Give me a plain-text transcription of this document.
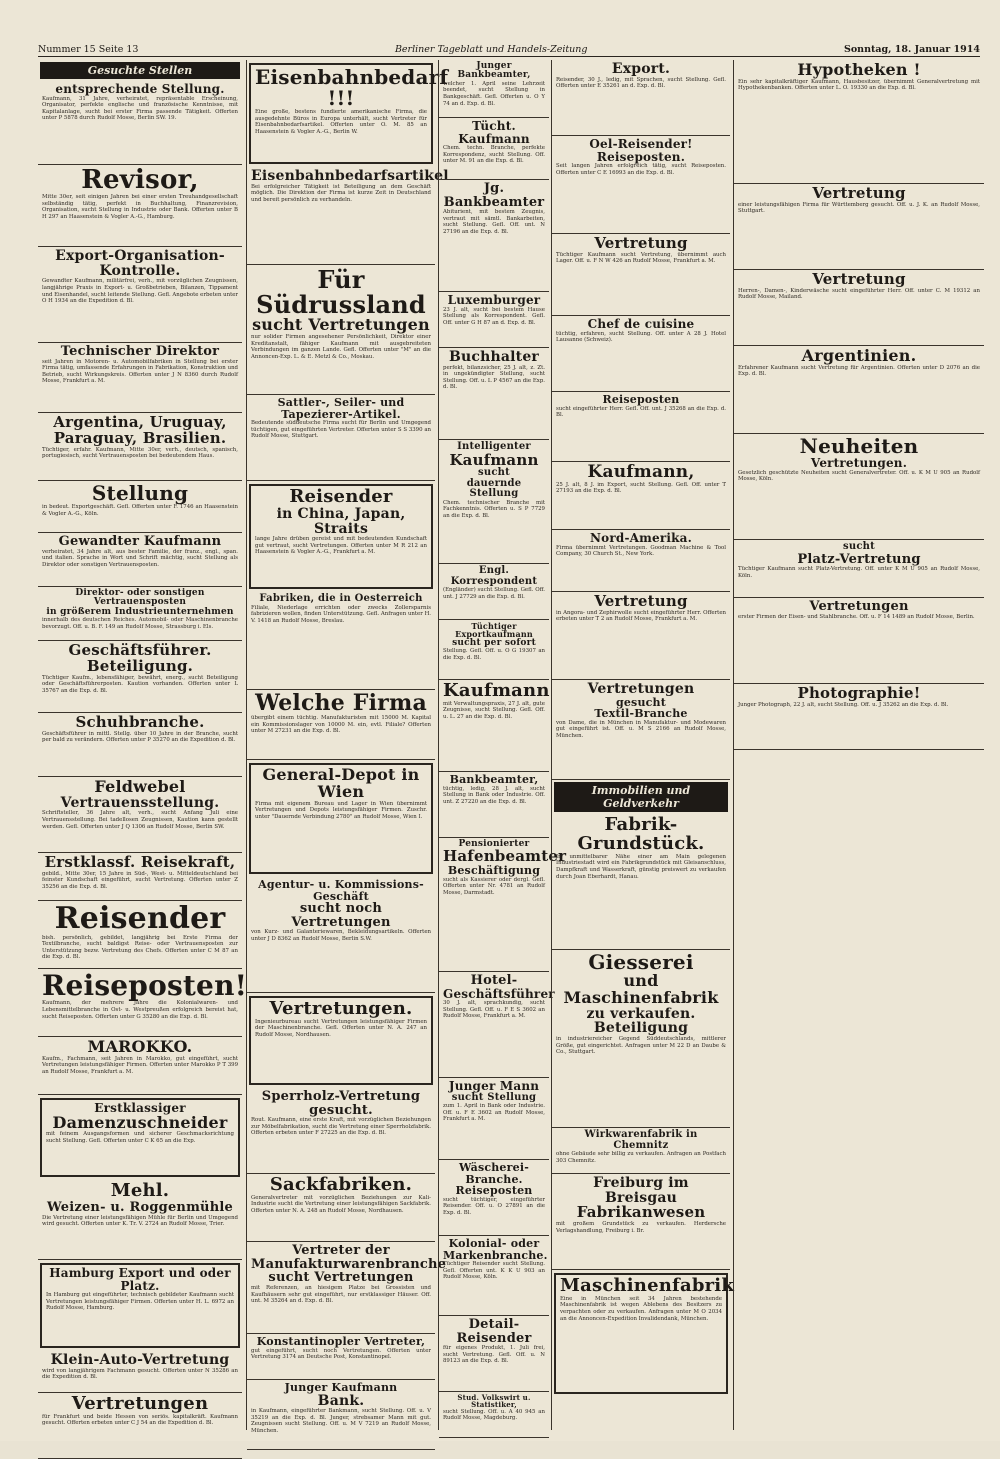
Nummer 15 Seite 13	Berliner Tageblatt und Handels-Zeitung	Sonntag, 18. Januar 1914
Gesuchte Stellen
entsprechende Stellung.
Kaufmann, 31 Jahre, verheiratet, repräsentable Erscheinung, Organisator, perfekte englische und französische Kenntnisse, mit Kapitalanlage, sucht bei erster Firma passende Tätigkeit. Offerten unter P 5878 durch Rudolf Mosse, Berlin SW. 19.
Revisor,
Mitte 30er, seit einigen Jahren bei einer ersten Treuhandgesellschaft selbständig tätig, perfekt in Buchhaltung, Finanzrevision, Organisation, sucht Stellung in Industrie oder Bank. Offerten unter B H 297 an Haasenstein & Vogler A.-G., Hamburg.
Export-Organisation-Kontrolle.
Gewandter Kaufmann, militärfrei, verh., mit vorzüglichen Zeugnissen, langjährige Praxis in Export- u. Großbetrieben, Bilanzen, Tippament und Eisenhandel, sucht leitende Stellung. Gefl. Angebote erbeten unter O H 1934 an die Expedition d. Bl.
Technischer Direktor
seit Jahren in Motoren- u. Automobilfabriken in Stellung bei erster Firma tätig, umfassende Erfahrungen in Fabrikation, Konstruktion und Betrieb, sucht Wirkungskreis. Offerten unter J N 8360 durch Rudolf Mosse, Frankfurt a. M.
Argentina, Uruguay,
Paraguay, Brasilien.
Tüchtiger, erfahr. Kaufmann, Mitte 30er, verh., deutsch, spanisch, portugiesisch, sucht Vertrauensposten bei bedeutendem Haus.
Stellung
in bedeut. Exportgeschäft. Gefl. Offerten unter F. 1746 an Haasenstein & Vogler A.-G., Köln.
Gewandter Kaufmann
verheiratet, 34 Jahre alt, aus bester Familie, der franz., engl., span. und italien. Sprache in Wort und Schrift mächtig, sucht Stellung als Direktor oder sonstigen Vertrauensposten.
Direktor- oder sonstigen Vertrauensposten
in größerem Industrieunternehmen
innerhalb des deutschen Reiches. Automobil- oder Maschinenbranche bevorzugt. Off. u. B. F. 149 an Rudolf Mosse, Strassburg i. Els.
Geschäftsführer.
Beteiligung.
Tüchtiger Kaufm., lebensfähiger, bewährt, energ., sucht Beteiligung oder Geschäftsführerposten. Kaution vorhanden. Offerten unter L 35767 an die Exp. d. Bl.
Schuhbranche.
Geschäftsführer in mittl. Stellg. über 10 Jahre in der Branche, sucht per bald zu verändern. Offerten unter P 35270 an die Expedition d. Bl.
Feldwebel
Vertrauensstellung.
Schriftsteller, 36 Jahre alt, verh., sucht Anfang Juli eine Vertrauensstellung. Bei tadellosen Zeugnissen, Kaution kann gestellt werden. Gefl. Offerten unter J Q 1306 an Rudolf Mosse, Berlin SW.
Erstklassf. Reisekraft,
gebild., Mitte 30er, 15 Jahre in Süd-, West- u. Mitteldeutschland bei feinster Kundschaft eingeführt, sucht Vertretung. Offerten unter Z 35256 an die Exp. d. Bl.
Reisender
bish. persönlich, gebildet, langjährig bei Erste Firma der Textilbranche, sucht baldigst Reise- oder Vertrauensposten zur Unterstützung bezw. Vertretung des Chefs. Offerten unter C M 87 an die Exp. d. Bl.
Reiseposten!
Kaufmann, der mehrere Jahre die Kolonialwaren- und Lebensmittelbranche in Ost- u. Westpreußen erfolgreich bereist hat, sucht Reiseposten. Offerten unter G 35280 an die Exp. d. Bl.
MAROKKO.
Kaufm., Fachmann, seit Jahren in Marokko, gut eingeführt, sucht Vertretungen leistungsfähiger Firmen. Offerten unter Marokko P T 399 an Rudolf Mosse, Frankfurt a. M.
Erstklassiger
Damenzuschneider
mit feinem Ausgangsformen und sicherer Geschmacksrichtung sucht Stellung. Gefl. Offerten unter C K 65 an die Exp.
Mehl.
Weizen- u. Roggenmühle
Die Vertretung einer leistungsfähigen Mühle für Berlin und Umgegend wird gesucht. Offerten unter K. Tr. V. 2724 an Rudolf Mosse, Trier.
Hamburg Export und oder Platz.
In Hamburg gut eingeführter, technisch gebildeter Kaufmann sucht Vertretungen leistungsfähiger Firmen. Offerten unter H. L. 6972 an Rudolf Mosse, Hamburg.
Klein-Auto-Vertretung
wird von langjährigem Fachmann gesucht. Offerten unter N 35286 an die Expedition d. Bl.
Vertretungen
für Frankfurt und beide Hessen von seriös. kapitalkräft. Kaufmann gesucht. Offerten erbeten unter C J 54 an die Expedition d. Bl.
Eisenbahnbedarf !!!
Eine große, bestens fundierte amerikanische Firma, die ausgedehnte Büros in Europa unterhält, sucht Vertreter für Eisenbahnbedarfsartikel. Offerten unter O. M. 85 an Haasenstein & Vogler A.-G., Berlin W.
Eisenbahnbedarfsartikel
Bei erfolgreicher Tätigkeit ist Beteiligung an dem Geschäft möglich. Die Direktion der Firma ist kurze Zeit in Deutschland und bereit persönlich zu verhandeln.
Für Südrussland
sucht Vertretungen
nur solider Firmen angesehener Persönlichkeit, Direktor einer Kreditanstalt, fähiger Kaufmann mit ausgebreiteten Verbindungen im ganzen Lande. Gefl. Offerten unter "M" an die Annoncen-Exp. L. & E. Metzl & Co., Moskau.
Sattler-, Seiler- und Tapezierer-Artikel.
Bedeutende süddeutsche Firma sucht für Berlin und Umgegend tüchtigen, gut eingeführten Vertreter. Offerten unter S S 3390 an Rudolf Mosse, Stuttgart.
Reisender
in China, Japan, Straits
lange Jahre drüben gereist und mit bedeutenden Kundschaft gut vertraut, sucht Vertretungen. Offerten unter M R 212 an Haasenstein & Vogler A.-G., Frankfurt a. M.
Fabriken, die in Oesterreich
Filiale, Niederlage errichten oder zwecks Zollersparnis fabrizieren wollen, finden Unterstützung. Gefl. Anfragen unter H. V. 1418 an Rudolf Mosse, Breslau.
Welche Firma
übergibt einem tüchtig. Manufakturisten mit 15000 M. Kapital ein Kommissionslager von 10000 M. ein, evtl. Filiale? Offerten unter M 27231 an die Exp. d. Bl.
General-Depot in Wien
Firma mit eigenem Bureau und Lager in Wien übernimmt Vertretungen und Depots leistungsfähiger Firmen. Zuschr. unter "Dauernde Verbindung 2780" an Rudolf Mosse, Wien I.
Agentur- u. Kommissions-Geschäft
sucht noch Vertretungen
von Kurz- und Galanteriewaren, Bekleidungsartikeln. Offerten unter J D 8362 an Rudolf Mosse, Berlin S.W.
Vertretungen.
Ingenieurbureau sucht Vertretungen leistungsfähiger Firmen der Maschinenbranche. Gefl. Offerten unter N. A. 247 an Rudolf Mosse, Nordhausen.
Sperrholz-Vertretung gesucht.
Rout. Kaufmann, eine erste Kraft, mit vorzüglichen Beziehungen zur Möbelfabrikation, sucht die Vertretung einer Sperrholzfabrik. Offerten erbeten unter F 27225 an die Exp. d. Bl.
Sackfabriken.
Generalvertreter mit vorzüglichen Beziehungen zur Kali-Industrie sucht die Vertretung einer leistungsfähigen Sackfabrik. Offerten unter N. A. 248 an Rudolf Mosse, Nordhausen.
Vertreter der
Manufakturwarenbranche
sucht Vertretungen
mit Referenzen, an hiesigem Platze bei Grossisten und Kaufhäusern sehr gut eingeführt, nur erstklassiger Häuser. Off. unt. M 35264 an d. Exp. d. Bl.
Konstantinopler Vertreter,
gut eingeführt, sucht noch Vertretungen. Offerten unter Vertretung 3174 an Deutsche Post, Konstantinopel.
Junger Kaufmann
Bank.
in Kaufmann, eingeführter Bankmann, sucht Stellung. Off. u. V 35219 an die Exp. d. Bl. Junger, strebsamer Mann mit gut. Zeugnissen sucht Stellung. Off. u. M V 7219 an Rudolf Mosse, München.
Junger Bankbeamter,
welcher 1. April seine Lehrzeit beendet, sucht Stellung in Bankgeschäft. Gefl. Offerten u. O Y 74 an d. Exp. d. Bl.
Tücht. Kaufmann
Chem. techn. Branche, perfekte Korrespondenz, sucht Stellung. Off. unter M. 91 an die Exp. d. Bl.
Jg. Bankbeamter
Abiturient, mit bestem Zeugnis, vertraut mit sämtl. Bankarbeiten, sucht Stellung. Gefl. Off. unt. N 27196 an die Exp. d. Bl.
Luxemburger
23 J. alt, sucht bei bestem Hause Stellung als Korrespondent. Gefl. Off. unter G H 87 an d. Exp. d. Bl.
Buchhalter
perfekt, bilanzsicher, 25 J. alt, z. Zt. in ungekündigter Stellung, sucht Stellung. Off. u. L P 4567 an die Exp. d. Bl.
Intelligenter
Kaufmann
sucht
dauernde Stellung
Chem. technischer Branche mit Fachkenntnis. Offerten u. S P 7729 an die Exp. d. Bl.
Engl. Korrespondent
(Engländer) sucht Stellung. Gefl. Off. unt. J 27729 an die Exp. d. Bl.
Tüchtiger Exportkaufmann
sucht per sofort
Stellung. Gefl. Off. u. O G 19307 an die Exp. d. Bl.
Kaufmann
mit Verwaltungspraxis, 27 J. alt, gute Zeugnisse, sucht Stellung. Gefl. Off. u. L. 27 an die Exp. d. Bl.
Bankbeamter,
tüchtig, ledig, 28 J. alt, sucht Stellung in Bank oder Industrie. Off. unt. Z 27220 an die Exp. d. Bl.
Pensionierter
Hafenbeamter
Beschäftigung
sucht als Kassierer oder dergl. Gefl. Offerten unter Nr. 4781 an Rudolf Mosse, Darmstadt.
Hotel-
Geschäftsführer
30 J. alt, sprachkundig, sucht Stellung. Gefl. Off. u. F E S 3602 an Rudolf Mosse, Frankfurt a. M.
Junger Mann
sucht Stellung
zum 1. April in Bank oder Industrie. Off. u. F E 3602 an Rudolf Mosse, Frankfurt a. M.
Wäscherei-Branche.
Reiseposten
sucht tüchtiger, eingeführter Reisender. Off. u. O 27891 an die Exp. d. Bl.
Kolonial- oder
Markenbranche.
Tüchtiger Reisender sucht Stellung. Gefl. Offerten unt. K K U 903 an Rudolf Mosse, Köln.
Detail-Reisender
für eigenes Produkt, 1. Juli frei, sucht Vertretung. Gefl. Off. u. N 89123 an die Exp. d. Bl.
Stud. Volkswirt u. Statistiker,
sucht Stellung. Off. u. A 40 945 an Rudolf Mosse, Magdeburg.
Export.
Reisender, 30 J., ledig, mit Sprachen, sucht Stellung. Gefl. Offerten unter E 35261 an d. Exp. d. Bl.
Oel-Reisender!
Reiseposten.
Seit langen Jahren erfolgreich tätig, sucht Reiseposten. Offerten unter C E 16993 an die Exp. d. Bl.
Vertretung
Tüchtiger Kaufmann sucht Vertretung, übernimmt auch Lager. Off. u. F N W 426 an Rudolf Mosse, Frankfurt a. M.
Chef de cuisine
tüchtig, erfahren, sucht Stellung. Off. unter A 28 J. Hotel Lausanne (Schweiz).
Reiseposten
sucht eingeführter Herr. Gefl. Off. unt. J 35268 an die Exp. d. Bl.
Kaufmann,
25 J. alt, 8 J. im Export, sucht Stellung. Gefl. Off. unter T 27193 an die Exp. d. Bl.
Nord-Amerika.
Firma übernimmt Vertretungen. Goodman Machine & Tool Company, 30 Church St., New York.
Vertretung
in Angora- und Zephirwolle sucht eingeführter Herr. Offerten erbeten unter T 2 an Rudolf Mosse, Frankfurt a. M.
Vertretungen
gesucht
Textil-Branche
von Dame, die in München in Manufaktur- und Modewaren gut eingeführt ist. Off. u. M S 2166 an Rudolf Mosse, München.
Immobilien und Geldverkehr
Fabrik-Grundstück.
In unmittelbarer Nähe einer am Main gelegenen Industriestadt wird ein Fabrikgrundstück mit Gleisanschluss, Dampfkraft und Wasserkraft, günstig preiswert zu verkaufen durch Joan Eberhardt, Hanau.
Giesserei
und Maschinenfabrik
zu verkaufen.
Beteiligung
in industriereicher Gegend Süddeutschlands, mittlerer Größe, gut eingerichtet. Anfragen unter M 22 D an Daube & Co., Stuttgart.
Wirkwarenfabrik in Chemnitz
ohne Gebäude sehr billig zu verkaufen. Anfragen an Postfach 303 Chemnitz.
Freiburg im Breisgau
Fabrikanwesen
mit großem Grundstück zu verkaufen. Herdersche Verlagshandlung, Freiburg i. Br.
Maschinenfabrik
Eine in München seit 34 Jahren bestehende Maschinenfabrik ist wegen Ablebens des Besitzers zu verpachten oder zu verkaufen. Anfragen unter M O 2034 an die Annoncen-Expedition Invalidendank, München.
Hypotheken !
Ein sehr kapitalkräftiger Kaufmann, Hausbesitzer, übernimmt Generalvertretung mit Hypothekenbanken. Offerten unter L. O. 19330 an die Exp. d. Bl.
Vertretung
einer leistungsfähigen Firma für Württemberg gesucht. Off. u. J. K. an Rudolf Mosse, Stuttgart.
Vertretung
Herren-, Damen-, Kinderwäsche sucht eingeführter Herr. Off. unter C. M 19312 an Rudolf Mosse, Mailand.
Argentinien.
Erfahrener Kaufmann sucht Vertretung für Argentinien. Offerten unter D 2076 an die Exp. d. Bl.
Neuheiten
Vertretungen.
Gesetzlich geschützte Neuheiten sucht Generalvertreter. Off. u. K M U 905 an Rudolf Mosse, Köln.
sucht
Platz-Vertretung
Tüchtiger Kaufmann sucht Platz-Vertretung. Off. unter K M U 905 an Rudolf Mosse, Köln.
Vertretungen
erster Firmen der Eisen- und Stahlbranche. Off. u. F 14 1489 an Rudolf Mosse, Berlin.
Photographie!
Junger Photograph, 22 J. alt, sucht Stellung. Off. u. J 35262 an die Exp. d. Bl.
